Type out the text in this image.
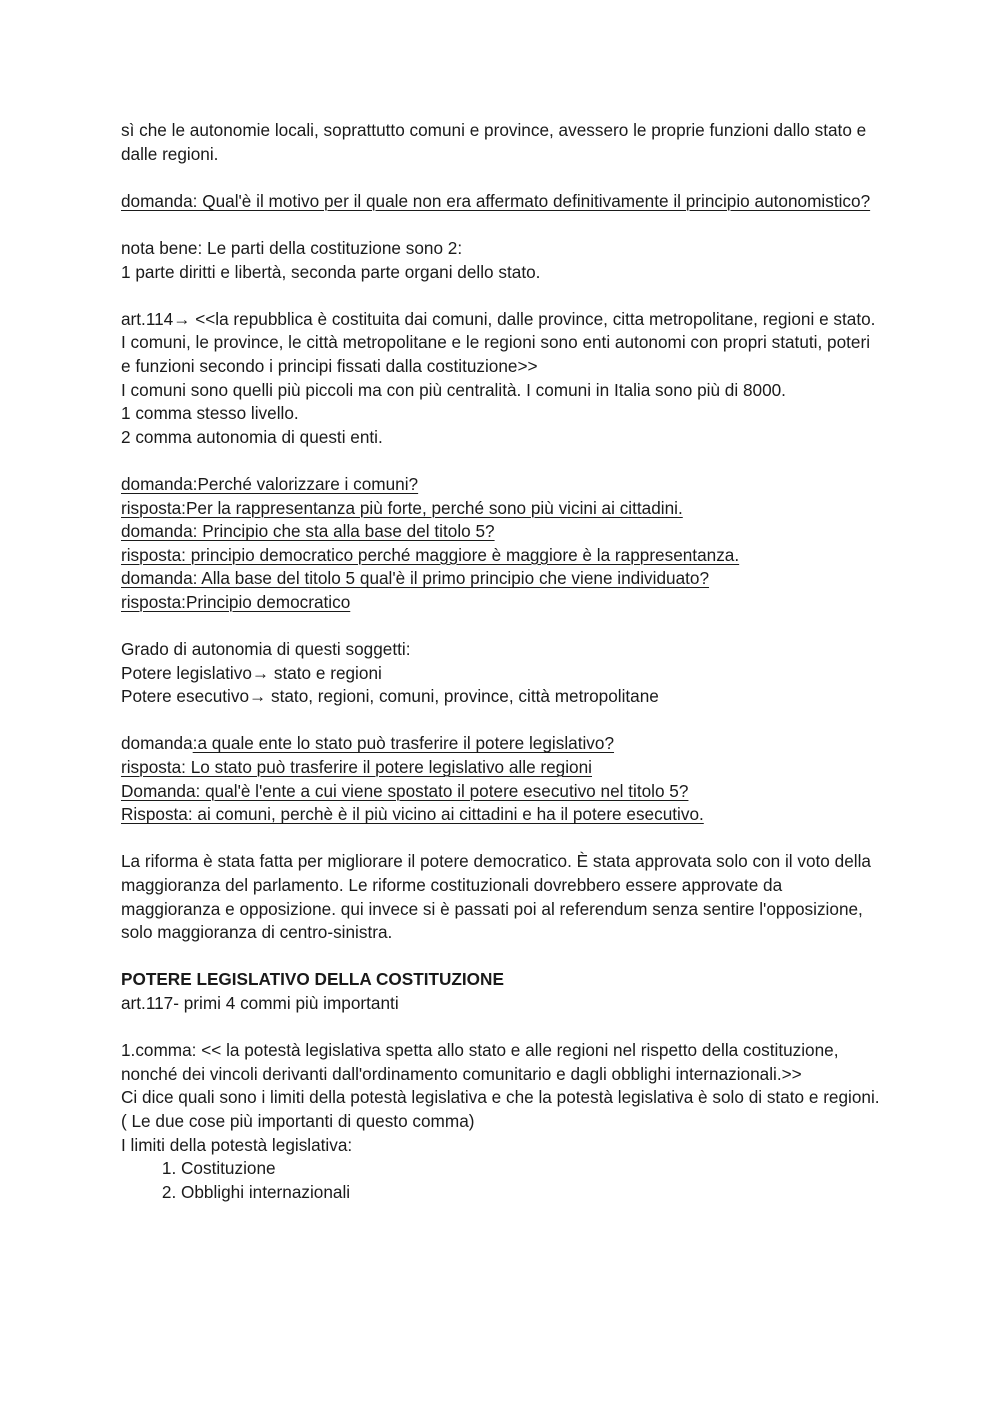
sì che le autonomie locali, soprattutto comuni e province, avessero le proprie funzioni dallo stato e dalle regioni.

domanda: Qual'è il motivo per il quale non era affermato definitivamente il principio autonomistico?

nota bene: Le parti della costituzione sono 2:

1 parte diritti e libertà, seconda parte organi dello stato.

art.114→ <<la repubblica è costituita dai comuni, dalle province, citta metropolitane, regioni e stato. I comuni, le province, le città metropolitane e le regioni sono enti autonomi con propri statuti, poteri e funzioni secondo i principi fissati dalla costituzione>>

I comuni sono quelli più piccoli ma con più centralità. I comuni in Italia sono più di 8000.

1 comma stesso livello.

2 comma autonomia di questi enti.

domanda:Perché valorizzare i comuni?

risposta:Per la rappresentanza più forte, perché sono più vicini ai cittadini.

domanda: Principio che sta alla base del titolo 5?

risposta: principio democratico perché maggiore è maggiore è la rappresentanza.

domanda: Alla base del titolo 5 qual'è il primo principio che viene individuato?

risposta:Principio democratico

Grado di autonomia di questi soggetti:

Potere legislativo→ stato e regioni

Potere esecutivo→ stato, regioni, comuni, province, città metropolitane

domanda:a quale ente lo stato può trasferire il potere legislativo?

risposta: Lo stato può trasferire il potere legislativo alle regioni

Domanda: qual'è l'ente a cui viene spostato il potere esecutivo nel titolo 5?

Risposta: ai comuni, perchè è il più vicino ai cittadini e ha il potere esecutivo.

La riforma è stata fatta per migliorare il potere democratico. È stata approvata solo con il voto della maggioranza del parlamento. Le riforme costituzionali dovrebbero essere approvate da maggioranza e opposizione. qui invece si è passati poi al referendum senza sentire l'opposizione, solo maggioranza di centro-sinistra.

POTERE LEGISLATIVO DELLA COSTITUZIONE

art.117- primi 4 commi più importanti

1.comma: << la potestà legislativa spetta allo stato e alle regioni nel rispetto della costituzione, nonché dei vincoli derivanti dall'ordinamento comunitario e dagli obblighi internazionali.>>

Ci dice quali sono i limiti della potestà legislativa e che la potestà legislativa è solo di stato e regioni. ( Le due cose più importanti di questo comma)

I limiti della potestà legislativa:

1. Costituzione
2. Obblighi internazionali
